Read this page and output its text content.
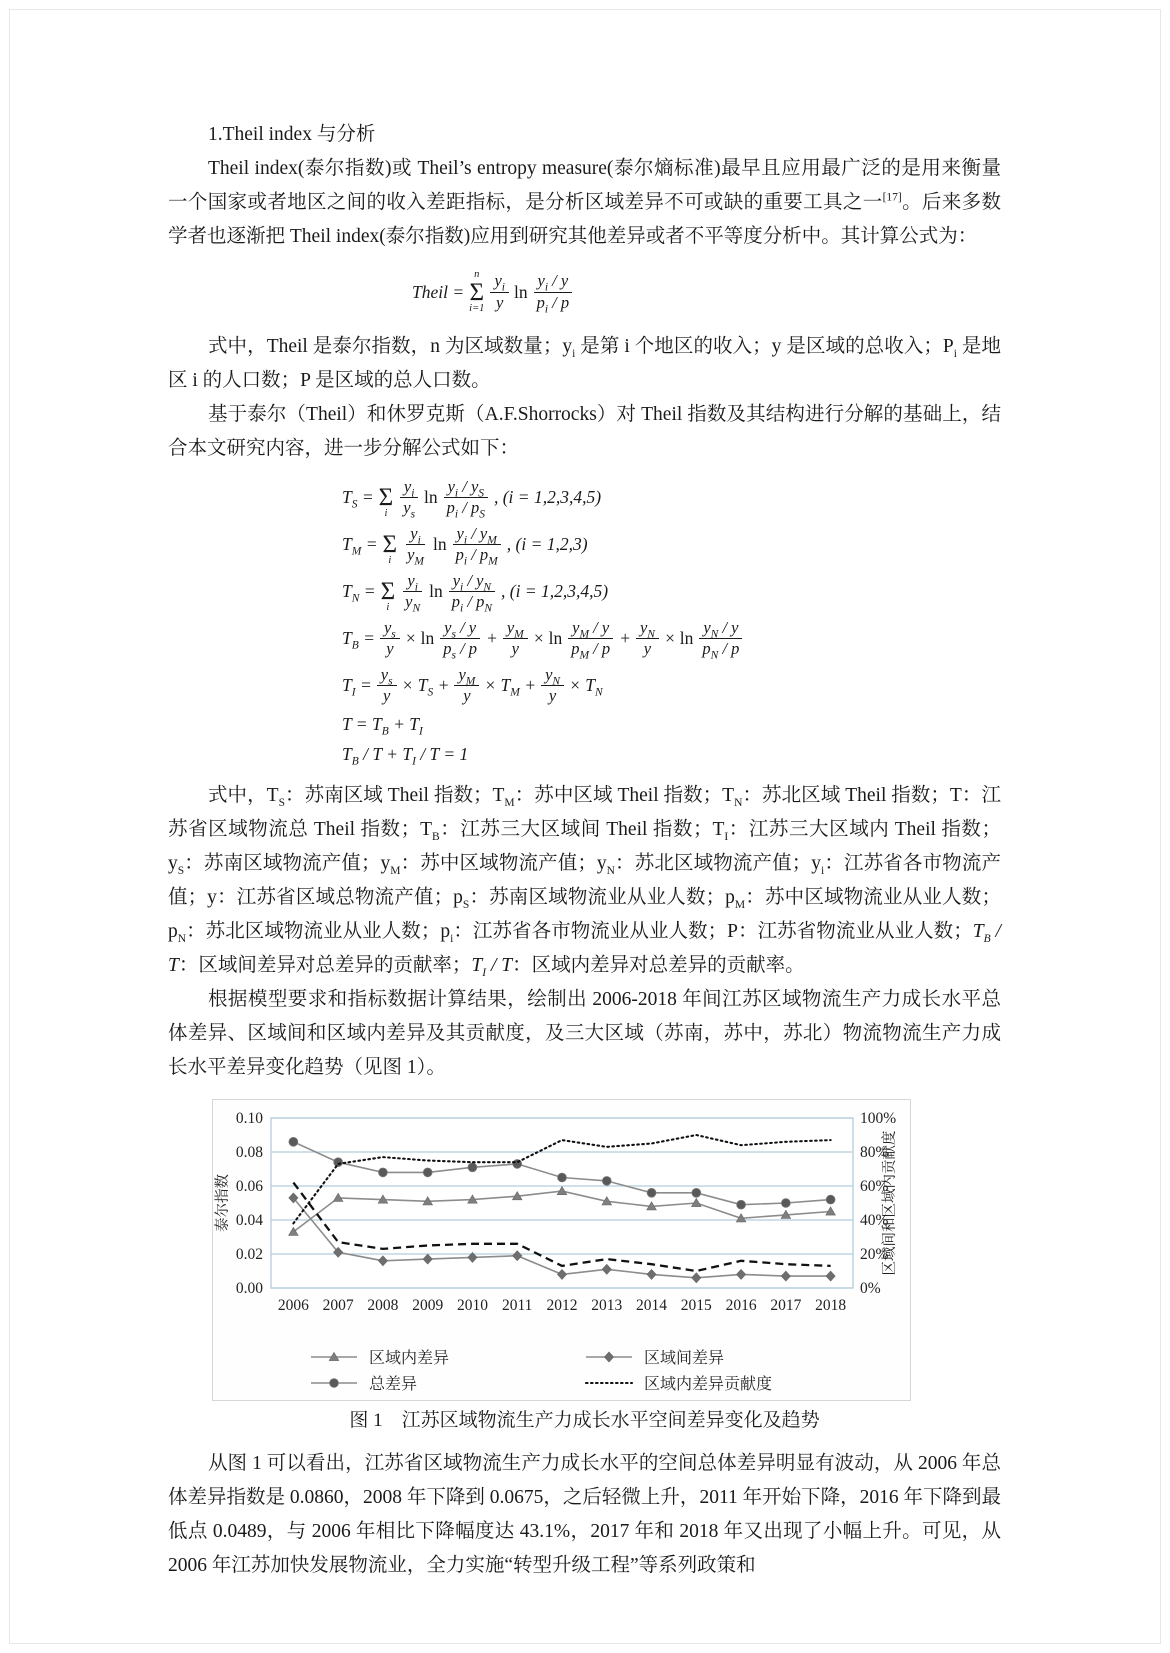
1.Theil index 与分析

Theil index(泰尔指数)或 Theil’s entropy measure(泰尔熵标准)最早且应用最广泛的是用来衡量一个国家或者地区之间的收入差距指标，是分析区域差异不可或缺的重要工具之一[17]。后来多数学者也逐渐把 Theil index(泰尔指数)应用到研究其他差异或者不平等度分析中。其计算公式为：

Theil =
n
Σ
$i=1 \frac{y_i}{y}$ $\ln \frac{y_i / y}{p_i / p}$

式中，Theil 是泰尔指数，n 为区域数量；$y_i$ 是第 i 个地区的收入；y 是区域的总收入；$P_i$ 是地区 i 的人口数；P 是区域的总人口数。

基于泰尔（Theil）和休罗克斯（A.F.Shorrocks）对 Theil 指数及其结构进行分解的基础上，结合本文研究内容，进一步分解公式如下：

$T_S$ =
Σ
i $\frac{y_i}{y_s}$ $\ln \frac{y_i / y_S}{p_i / p_S}$ , (i = 1,2,3,4,5)
$T_M$ =
Σ
i $\frac{y_i}{y_M}$ $\ln \frac{y_i / y_M}{p_i / p_M}$ , (i = 1,2,3)
$T_N$ =
Σ
i $\frac{y_i}{y_N}$ $\ln \frac{y_i / y_N}{p_i / p_N}$ , (i = 1,2,3,4,5)
$T_B = \frac{y_s}{y} \times \ln \frac{y_s / y}{p_s / p} + \frac{y_M}{y} \times \ln \frac{y_M / y}{p_M / p} + \frac{y_N}{y} \times \ln \frac{y_N / y}{p_N / p}$
$T_I = \frac{y_s}{y} \times T_S + \frac{y_M}{y} \times T_M + \frac{y_N}{y} \times T_N$
$T = T_B + T_I$
$T_B / T + T_I / T = 1$

式中，$T_S$：苏南区域 Theil 指数；$T_M$：苏中区域 Theil 指数；$T_N$：苏北区域 Theil 指数；T：江苏省区域物流总 Theil 指数；$T_B$：江苏三大区域间 Theil 指数；$T_I$：江苏三大区域内 Theil 指数；$y_S$：苏南区域物流产值；$y_M$：苏中区域物流产值；$y_N$：苏北区域物流产值；$y_i$：江苏省各市物流产值；y：江苏省区域总物流产值；$p_S$：苏南区域物流业从业人数；$p_M$：苏中区域物流业从业人数；$p_N$：苏北区域物流业从业人数；$p_i$：江苏省各市物流业从业人数；P：江苏省物流业从业人数；$T_B$ / T：区域间差异对总差异的贡献率；$T_I$ / T：区域内差异对总差异的贡献率。

根据模型要求和指标数据计算结果，绘制出 2006-2018 年间江苏区域物流生产力成长水平总体差异、区域间和区域内差异及其贡献度，及三大区域（苏南，苏中，苏北）物流物流生产力成长水平差异变化趋势（见图 1）。

0.10
0.08
0.06
0.04
0.02
0.00
100%
80%
60%
40%
20%
0%
2006 2007 2008 2009 2010 2011 2012 2013 2014 2015 2016 2017 2018
泰尔指数	区域间和区域内贡献度
区域内差异	区域间差异
总差异	区域内差异贡献度

图 1　江苏区域物流生产力成长水平空间差异变化及趋势

从图 1 可以看出，江苏省区域物流生产力成长水平的空间总体差异明显有波动，从 2006 年总体差异指数是 0.0860，2008 年下降到 0.0675，之后轻微上升，2011 年开始下降，2016 年下降到最低点 0.0489，与 2006 年相比下降幅度达 43.1%，2017 年和 2018 年又出现了小幅上升。可见，从 2006 年江苏加快发展物流业，全力实施“转型升级工程”等系列政策和
